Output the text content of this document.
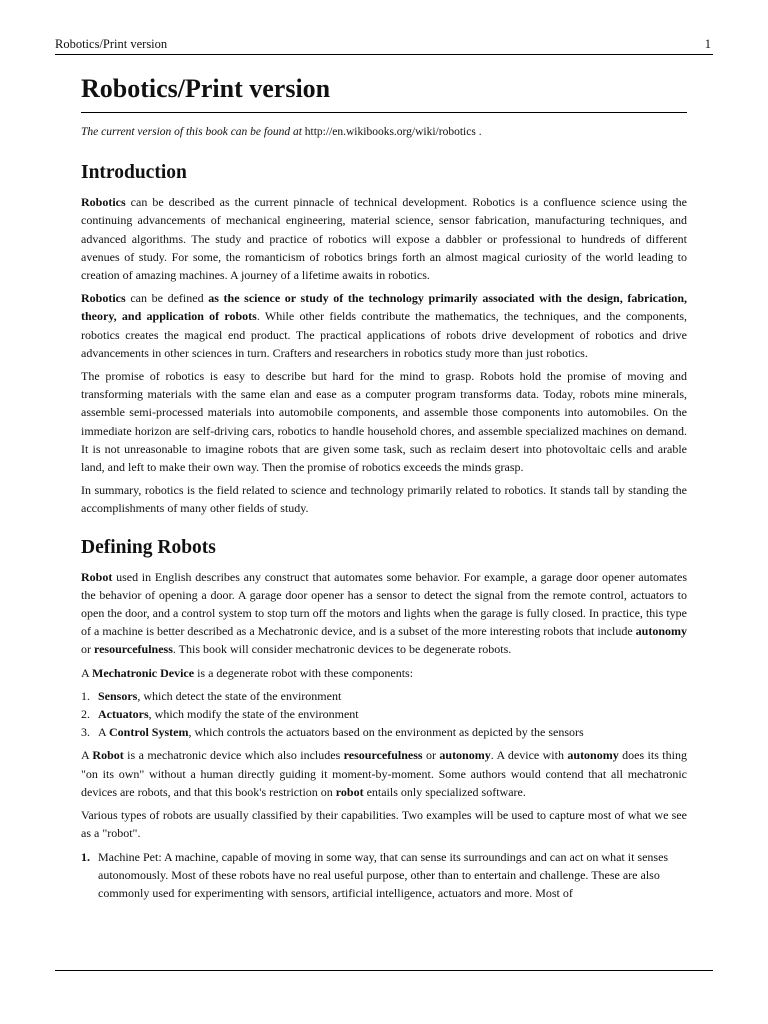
Robotics/Print version	1
Robotics/Print version

The current version of this book can be found at http://en.wikibooks.org/wiki/robotics .

Introduction

Robotics can be described as the current pinnacle of technical development. Robotics is a confluence science using the continuing advancements of mechanical engineering, material science, sensor fabrication, manufacturing techniques, and advanced algorithms. The study and practice of robotics will expose a dabbler or professional to hundreds of different avenues of study. For some, the romanticism of robotics brings forth an almost magical curiosity of the world leading to creation of amazing machines. A journey of a lifetime awaits in robotics.

Robotics can be defined as the science or study of the technology primarily associated with the design, fabrication, theory, and application of robots. While other fields contribute the mathematics, the techniques, and the components, robotics creates the magical end product. The practical applications of robots drive development of robotics and drive advancements in other sciences in turn. Crafters and researchers in robotics study more than just robotics.

The promise of robotics is easy to describe but hard for the mind to grasp. Robots hold the promise of moving and transforming materials with the same elan and ease as a computer program transforms data. Today, robots mine minerals, assemble semi-processed materials into automobile components, and assemble those components into automobiles. On the immediate horizon are self-driving cars, robotics to handle household chores, and assemble specialized machines on demand. It is not unreasonable to imagine robots that are given some task, such as reclaim desert into photovoltaic cells and arable land, and left to make their own way. Then the promise of robotics exceeds the minds grasp.

In summary, robotics is the field related to science and technology primarily related to robotics. It stands tall by standing the accomplishments of many other fields of study.

Defining Robots

Robot used in English describes any construct that automates some behavior. For example, a garage door opener automates the behavior of opening a door. A garage door opener has a sensor to detect the signal from the remote control, actuators to open the door, and a control system to stop turn off the motors and lights when the garage is fully closed. In practice, this type of a machine is better described as a Mechatronic device, and is a subset of the more interesting robots that include autonomy or resourcefulness. This book will consider mechatronic devices to be degenerate robots.

A Mechatronic Device is a degenerate robot with these components:

1. Sensors, which detect the state of the environment
2. Actuators, which modify the state of the environment
3. A Control System, which controls the actuators based on the environment as depicted by the sensors

A Robot is a mechatronic device which also includes resourcefulness or autonomy. A device with autonomy does its thing "on its own" without a human directly guiding it moment-by-moment. Some authors would contend that all mechatronic devices are robots, and that this book's restriction on robot entails only specialized software.

Various types of robots are usually classified by their capabilities. Two examples will be used to capture most of what we see as a "robot".

1. Machine Pet: A machine, capable of moving in some way, that can sense its surroundings and can act on what it senses autonomously. Most of these robots have no real useful purpose, other than to entertain and challenge. These are also commonly used for experimenting with sensors, artificial intelligence, actuators and more. Most of
